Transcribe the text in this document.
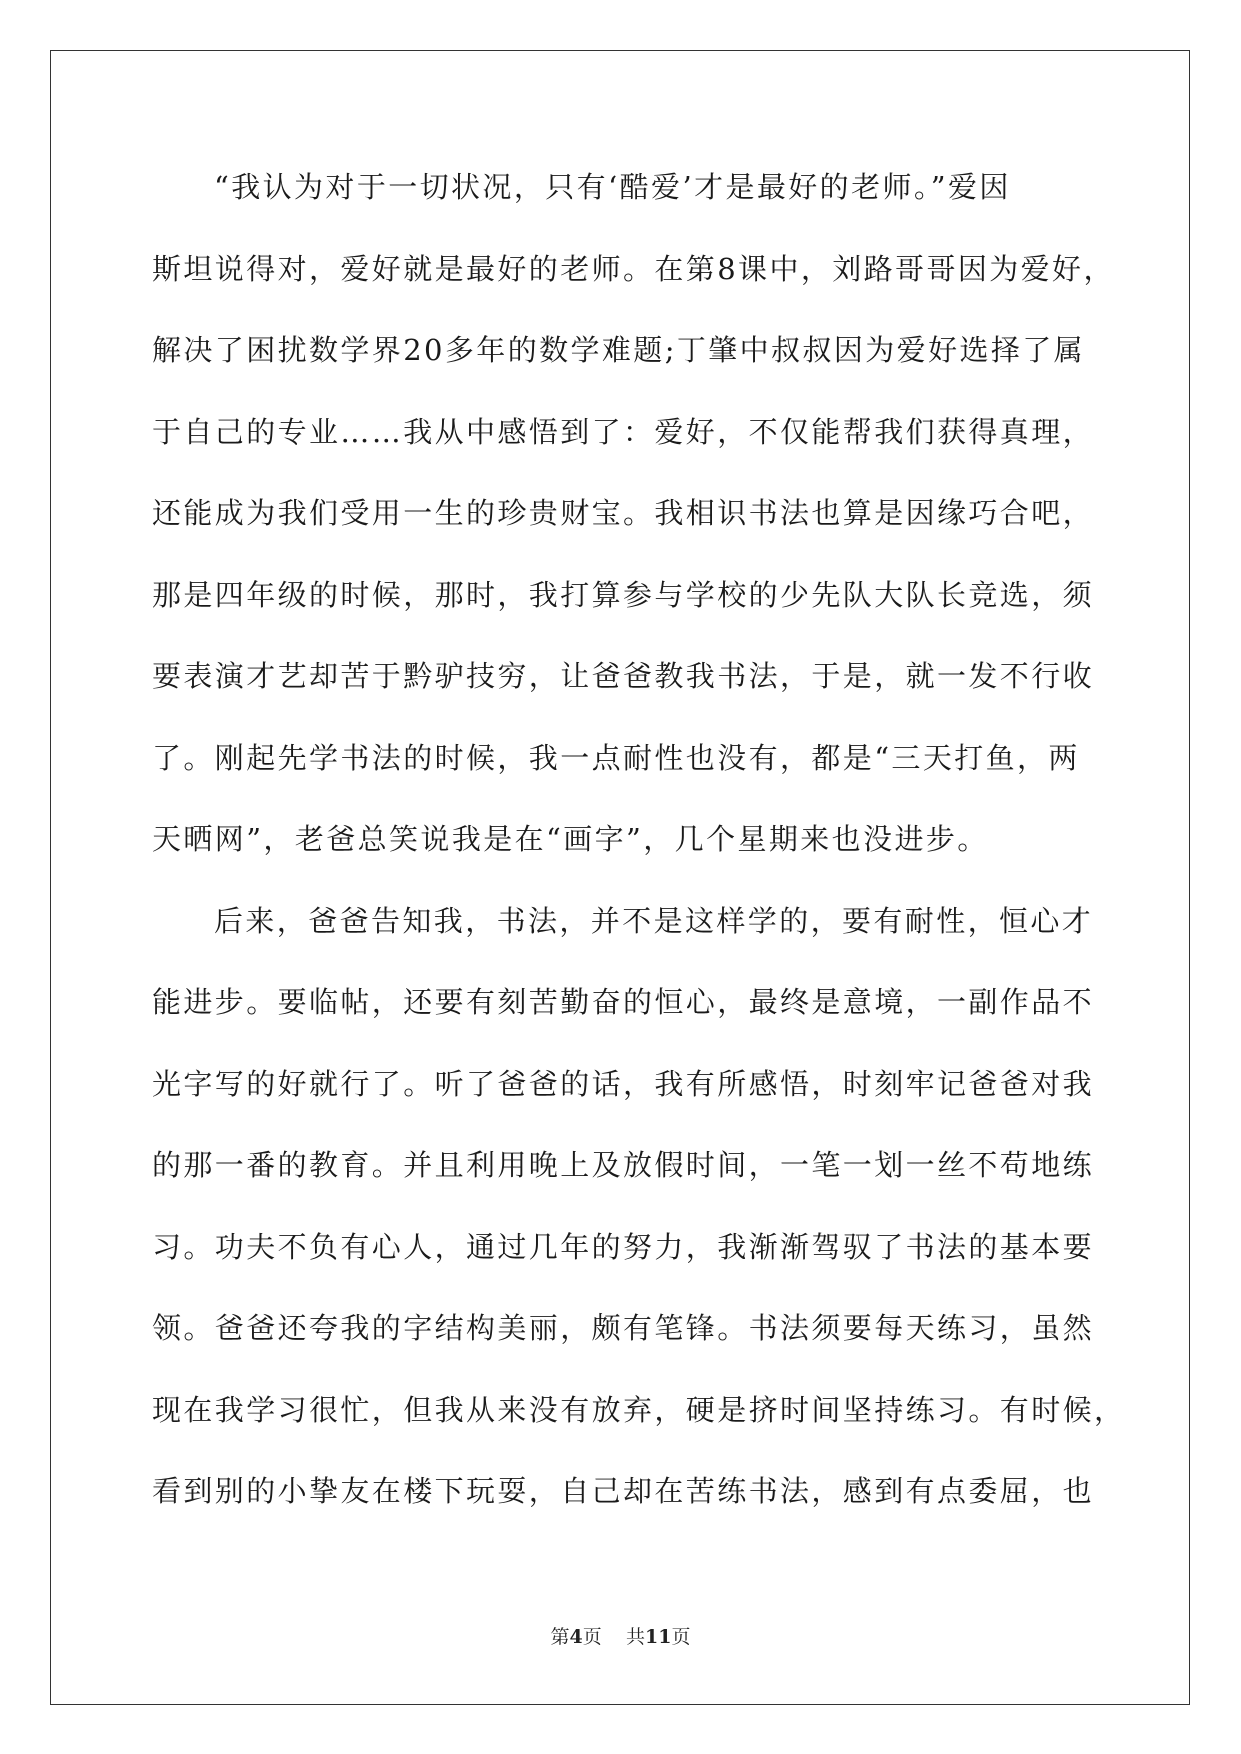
“我认为对于一切状况，只有‘酷爱’才是最好的老师。”爱因
斯坦说得对，爱好就是最好的老师。在第8课中，刘路哥哥因为爱好，
解决了困扰数学界20多年的数学难题;丁肇中叔叔因为爱好选择了属
于自己的专业……我从中感悟到了：爱好，不仅能帮我们获得真理，
还能成为我们受用一生的珍贵财宝。我相识书法也算是因缘巧合吧，
那是四年级的时候，那时，我打算参与学校的少先队大队长竞选，须
要表演才艺却苦于黔驴技穷，让爸爸教我书法，于是，就一发不行收
了。刚起先学书法的时候，我一点耐性也没有，都是“三天打鱼，两
天晒网”，老爸总笑说我是在“画字”，几个星期来也没进步。
后来，爸爸告知我，书法，并不是这样学的，要有耐性，恒心才
能进步。要临帖，还要有刻苦勤奋的恒心，最终是意境，一副作品不
光字写的好就行了。听了爸爸的话，我有所感悟，时刻牢记爸爸对我
的那一番的教育。并且利用晚上及放假时间，一笔一划一丝不苟地练
习。功夫不负有心人，通过几年的努力，我渐渐驾驭了书法的基本要
领。爸爸还夸我的字结构美丽，颇有笔锋。书法须要每天练习，虽然
现在我学习很忙，但我从来没有放弃，硬是挤时间坚持练习。有时候，
看到别的小挚友在楼下玩耍，自己却在苦练书法，感到有点委屈，也
第4页 共11页
